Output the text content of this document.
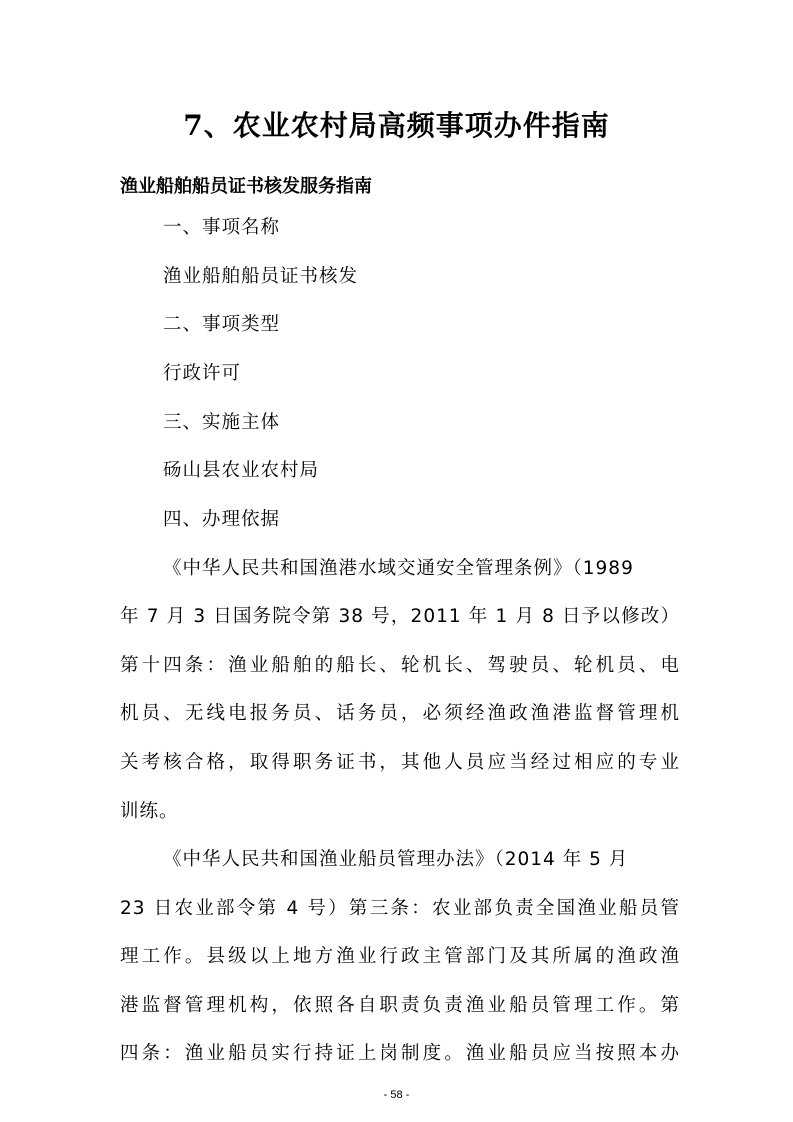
7、农业农村局高频事项办件指南
渔业船舶船员证书核发服务指南
一、事项名称
渔业船舶船员证书核发
二、事项类型
行政许可
三、实施主体
砀山县农业农村局
四、办理依据
《中华人民共和国渔港水域交通安全管理条例》（1989
年 7 月 3 日国务院令第 38 号，2011 年 1 月 8 日予以修改）
第十四条：渔业船舶的船长、轮机长、驾驶员、轮机员、电
机员、无线电报务员、话务员，必须经渔政渔港监督管理机
关考核合格，取得职务证书，其他人员应当经过相应的专业
训练。
《中华人民共和国渔业船员管理办法》（2014 年 5 月
23 日农业部令第 4 号）第三条：农业部负责全国渔业船员管
理工作。县级以上地方渔业行政主管部门及其所属的渔政渔
港监督管理机构，依照各自职责负责渔业船员管理工作。第
四条：渔业船员实行持证上岗制度。渔业船员应当按照本办
- 58 -
